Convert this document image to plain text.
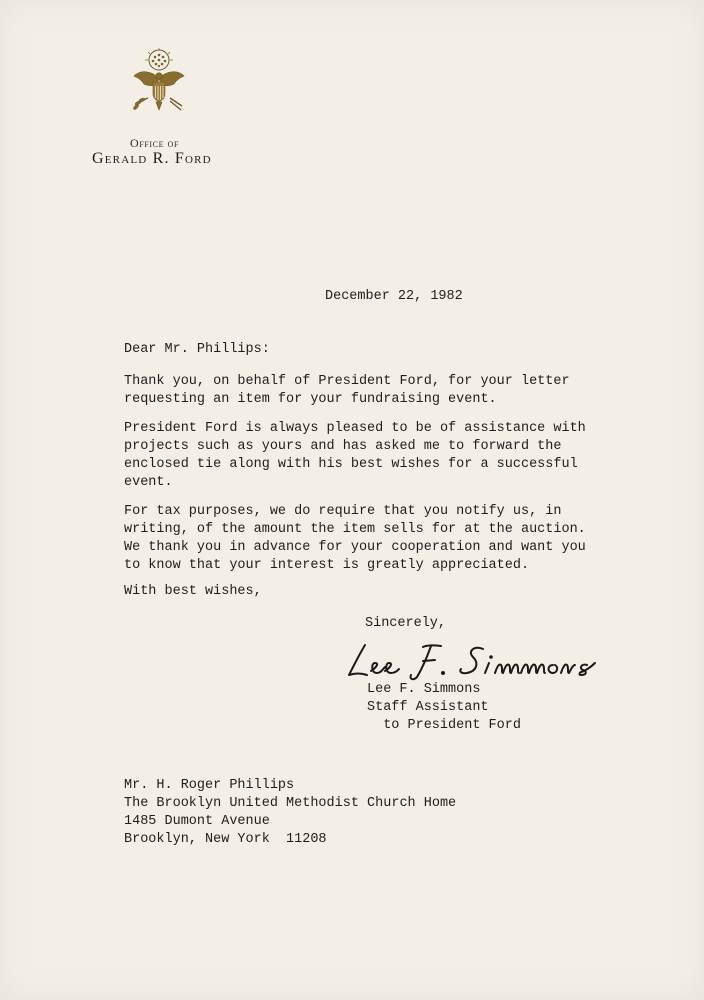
Office of

Gerald R. Ford

December 22, 1982

Dear Mr. Phillips:

Thank you, on behalf of President Ford, for your letter
requesting an item for your fundraising event.

President Ford is always pleased to be of assistance with
projects such as yours and has asked me to forward the
enclosed tie along with his best wishes for a successful
event.

For tax purposes, we do require that you notify us, in
writing, of the amount the item sells for at the auction.
We thank you in advance for your cooperation and want you
to know that your interest is greatly appreciated.

With best wishes,

Sincerely,

Lee F. Simmons
Staff Assistant
to President Ford
Mr. H. Roger Phillips
The Brooklyn United Methodist Church Home
1485 Dumont Avenue
Brooklyn, New York  11208
